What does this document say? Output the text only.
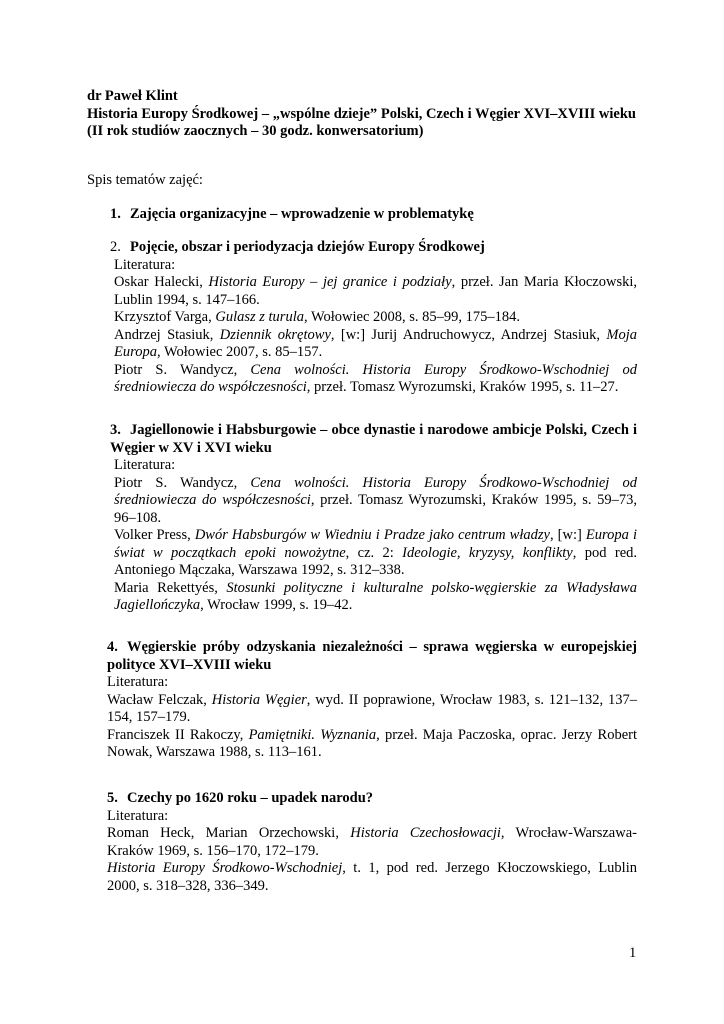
dr Paweł Klint
Historia Europy Środkowej – „wspólne dzieje” Polski, Czech i Węgier XVI–XVIII wieku (II rok studiów zaocznych – 30 godz. konwersatorium)
Spis tematów zajęć:
1. Zajęcia organizacyjne – wprowadzenie w problematykę
2. Pojęcie, obszar i periodyzacja dziejów Europy Środkowej
Literatura:
Oskar Halecki, Historia Europy – jej granice i podziały, przeł. Jan Maria Kłoczowski, Lublin 1994, s. 147–166.
Krzysztof Varga, Gulasz z turula, Wołowiec 2008, s. 85–99, 175–184.
Andrzej Stasiuk, Dziennik okrętowy, [w:] Jurij Andruchowycz, Andrzej Stasiuk, Moja Europa, Wołowiec 2007, s. 85–157.
Piotr S. Wandycz, Cena wolności. Historia Europy Środkowo-Wschodniej od średniowiecza do współczesności, przeł. Tomasz Wyrozumski, Kraków 1995, s. 11–27.
3. Jagiellonowie i Habsburgowie – obce dynastie i narodowe ambicje Polski, Czech i Węgier w XV i XVI wieku
Literatura:
Piotr S. Wandycz, Cena wolności. Historia Europy Środkowo-Wschodniej od średniowiecza do współczesności, przeł. Tomasz Wyrozumski, Kraków 1995, s. 59–73, 96–108.
Volker Press, Dwór Habsburgów w Wiedniu i Pradze jako centrum władzy, [w:] Europa i świat w początkach epoki nowożytne, cz. 2: Ideologie, kryzysy, konflikty, pod red. Antoniego Mączaka, Warszawa 1992, s. 312–338.
Maria Rekettyés, Stosunki polityczne i kulturalne polsko-węgierskie za Władysława Jagiellończyka, Wrocław 1999, s. 19–42.
4. Węgierskie próby odzyskania niezależności – sprawa węgierska w europejskiej polityce XVI–XVIII wieku
Literatura:
Wacław Felczak, Historia Węgier, wyd. II poprawione, Wrocław 1983, s. 121–132, 137–154, 157–179.
Franciszek II Rakoczy, Pamiętniki. Wyznania, przeł. Maja Paczoska, oprac. Jerzy Robert Nowak, Warszawa 1988, s. 113–161.
5. Czechy po 1620 roku – upadek narodu?
Literatura:
Roman Heck, Marian Orzechowski, Historia Czechosłowacji, Wrocław-Warszawa-Kraków 1969, s. 156–170, 172–179.
Historia Europy Środkowo-Wschodniej, t. 1, pod red. Jerzego Kłoczowskiego, Lublin 2000, s. 318–328, 336–349.
1
